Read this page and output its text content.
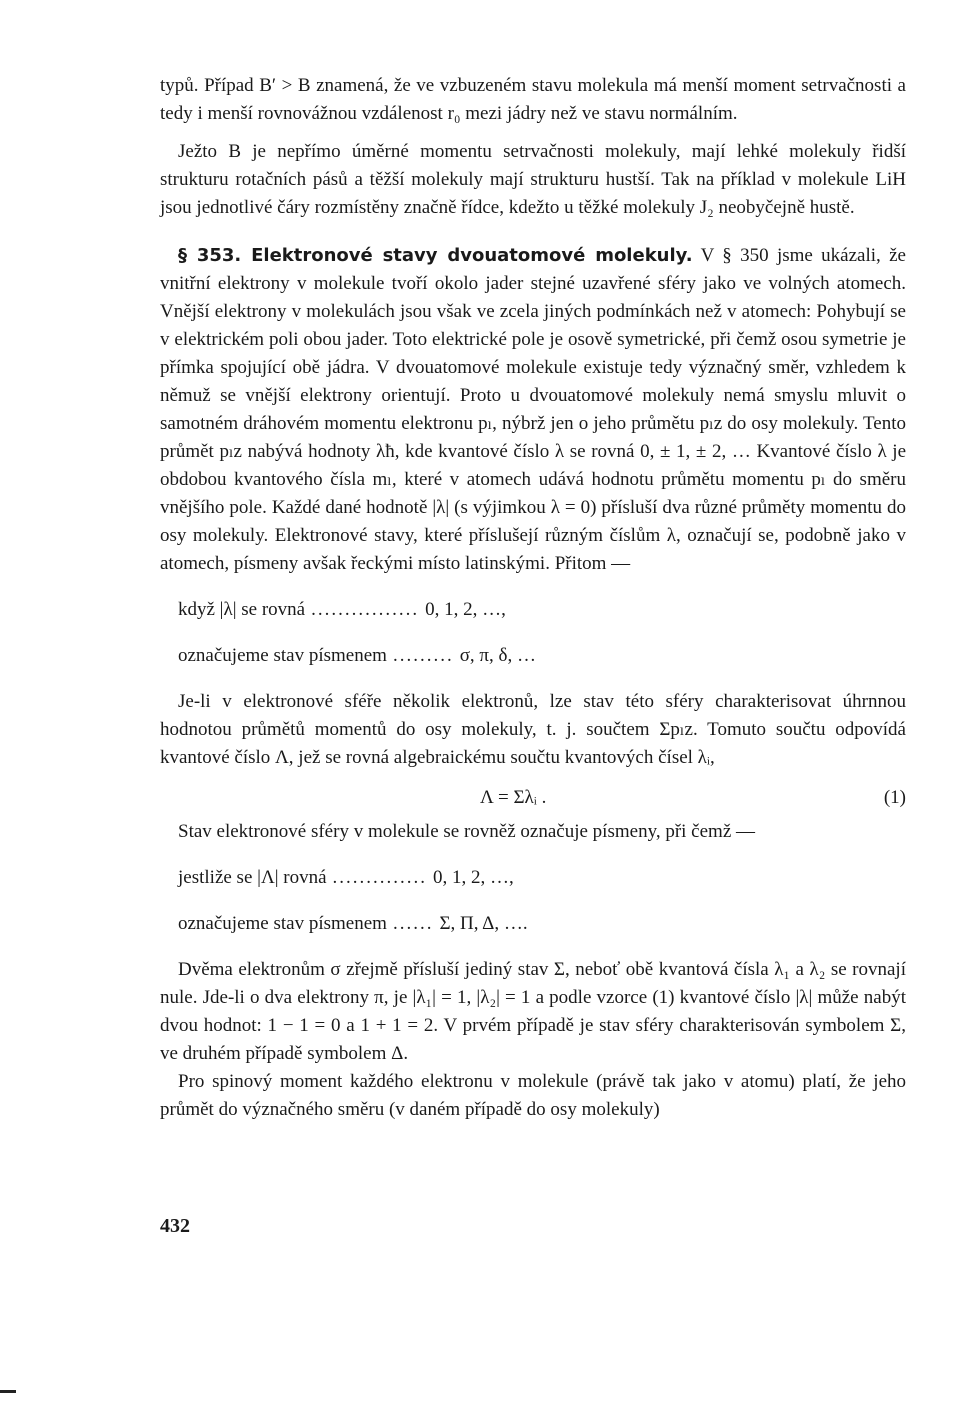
typů. Případ B′ > B znamená, že ve vzbuzeném stavu molekula má menší moment setrvačnosti a tedy i menší rovnovážnou vzdálenost r₀ mezi jádry než ve stavu normálním.

Ježto B je nepřímo úměrné momentu setrvačnosti molekuly, mají lehké molekuly řidší strukturu rotačních pásů a těžší molekuly mají strukturu hustší. Tak na příklad v molekule LiH jsou jednotlivé čáry rozmístěny značně řídce, kdežto u těžké molekuly J₂ neobyčejně hustě.

§ 353. Elektronové stavy dvouatomové molekuly. V § 350 jsme ukázali, že vnitřní elektrony v molekule tvoří okolo jader stejné uzavřené sféry jako ve volných atomech. Vnější elektrony v molekulách jsou však ve zcela jiných podmínkách než v atomech: Pohybují se v elektrickém poli obou jader. Toto elektrické pole je osově symetrické, při čemž osou symetrie je přímka spojující obě jádra. V dvouatomové molekule existuje tedy význačný směr, vzhledem k němuž se vnější elektrony orientují. Proto u dvouatomové molekuly nemá smyslu mluvit o samotném dráhovém momentu elektronu pₗ, nýbrž jen o jeho průmětu pₗz do osy molekuly. Tento průmět pₗz nabývá hodnoty λħ, kde kvantové číslo λ se rovná 0, ± 1, ± 2, … Kvantové číslo λ je obdobou kvantového čísla mₗ, které v atomech udává hodnotu průmětu momentu pₗ do směru vnějšího pole. Každé dané hodnotě |λ| (s výjimkou λ = 0) přísluší dva různé průměty momentu do osy molekuly. Elektronové stavy, které příslušejí různým číslům λ, označují se, podobně jako v atomech, písmeny avšak řeckými místo latinskými. Přitom —

když |λ| se rovná ................ 0, 1, 2, …,
označujeme stav písmenem ......... σ, π, δ, …

Je-li v elektronové sféře několik elektronů, lze stav této sféry charakterisovat úhrnnou hodnotou průmětů momentů do osy molekuly, t. j. součtem Σpₗz. Tomuto součtu odpovídá kvantové číslo Λ, jež se rovná algebraickému součtu kvantových čísel λᵢ,

Λ = Σλᵢ .	(1)

Stav elektronové sféry v molekule se rovněž označuje písmeny, při čemž —

jestliže se |Λ| rovná .............. 0, 1, 2, …,
označujeme stav písmenem ...... Σ, Π, Δ, ….

Dvěma elektronům σ zřejmě přísluší jediný stav Σ, neboť obě kvantová čísla λ₁ a λ₂ se rovnají nule. Jde-li o dva elektrony π, je |λ₁| = 1, |λ₂| = 1 a podle vzorce (1) kvantové číslo |λ| může nabýt dvou hodnot: 1 − 1 = 0 a 1 + 1 = 2. V prvém případě je stav sféry charakterisován symbolem Σ, ve druhém případě symbolem Δ.

Pro spinový moment každého elektronu v molekule (právě tak jako v atomu) platí, že jeho průmět do význačného směru (v daném případě do osy molekuly)

432
